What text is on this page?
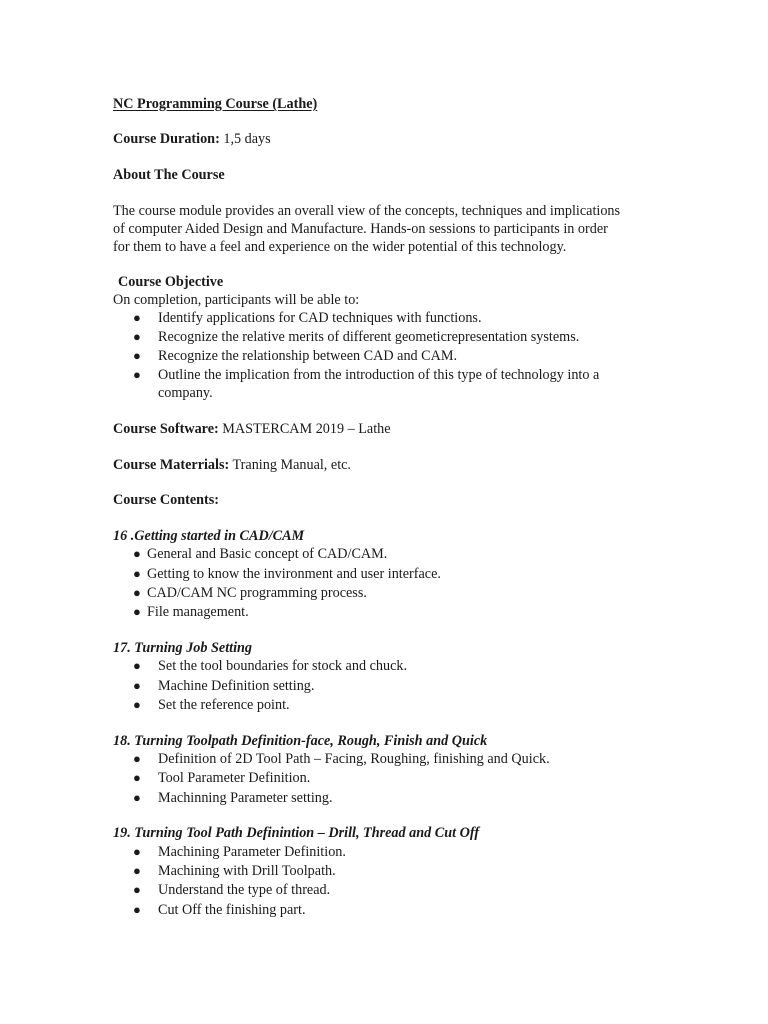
NC Programming Course (Lathe)
Course Duration: 1,5 days
About The Course
The course module provides an overall view of the concepts, techniques and implications
of computer Aided Design and Manufacture. Hands-on sessions to participants in order
for them to have a feel and experience on the wider potential of this technology.
Course Objective
On completion, participants will be able to:
● Identify applications for CAD techniques with functions.
● Recognize the relative merits of different geometicrepresentation systems.
● Recognize the relationship between CAD and CAM.
● Outline the implication from the introduction of this type of technology into a
company.
Course Software: MASTERCAM 2019 – Lathe
Course Materrials: Traning Manual, etc.
Course Contents:
16 .Getting started in CAD/CAM
● General and Basic concept of CAD/CAM.
● Getting to know the invironment and user interface.
● CAD/CAM NC programming process.
● File management.
17. Turning Job Setting
● Set the tool boundaries for stock and chuck.
● Machine Definition setting.
● Set the reference point.
18. Turning Toolpath Definition-face, Rough, Finish and Quick
● Definition of 2D Tool Path – Facing, Roughing, finishing and Quick.
● Tool Parameter Definition.
● Machinning Parameter setting.
19. Turning Tool Path Definintion – Drill, Thread and Cut Off
● Machining Parameter Definition.
● Machining with Drill Toolpath.
● Understand the type of thread.
● Cut Off the finishing part.
